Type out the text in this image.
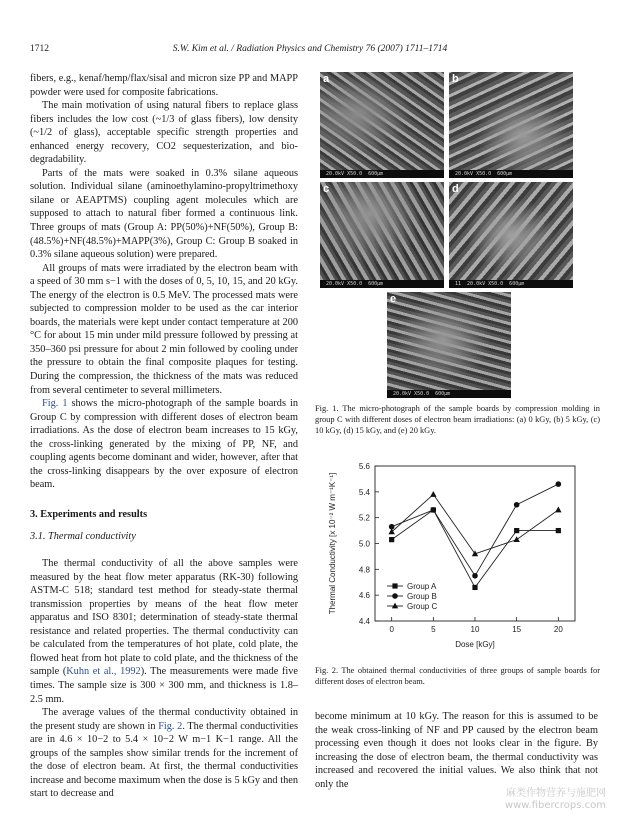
1712	S.W. Kim et al. / Radiation Physics and Chemistry 76 (2007) 1711–1714

fibers, e.g., kenaf/hemp/flax/sisal and micron size PP and MAPP powder were used for composite fabrications.

The main motivation of using natural fibers to replace glass fibers includes the low cost (~1/3 of glass fibers), low density (~1/2 of glass), acceptable specific strength properties and enhanced energy recovery, CO2 sequesterization, and bio-degradability.

Parts of the mats were soaked in 0.3% silane aqueous solution. Individual silane (aminoethylamino-propyltrimethoxy silane or AEAPTMS) coupling agent molecules which are supposed to attach to natural fiber formed a continuous link. Three groups of mats (Group A: PP(50%)+NF(50%), Group B: (48.5%)+NF(48.5%)+MAPP(3%), Group C: Group B soaked in 0.3% silane aqueous solution) were prepared.

All groups of mats were irradiated by the electron beam with a speed of 30 mm s−1 with the doses of 0, 5, 10, 15, and 20 kGy. The energy of the electron is 0.5 MeV. The processed mats were subjected to compression molder to be used as the car interior boards, the materials were kept under contact temperature at 200 °C for about 15 min under mild pressure followed by pressing at 350–360 psi pressure for about 2 min followed by cooling under the pressure to obtain the final composite plaques for testing. During the compression, the thickness of the mats was reduced from several centimeter to several millimeters.

Fig. 1 shows the micro-photograph of the sample boards in Group C by compression with different doses of electron beam irradiations. As the dose of electron beam increases to 15 kGy, the cross-linking generated by the mixing of PP, NF, and coupling agents become dominant and wider, however, after that the cross-linking disappears by the over exposure of electron beam.

3. Experiments and results
3.1. Thermal conductivity

The thermal conductivity of all the above samples were measured by the heat flow meter apparatus (RK-30) following ASTM-C 518; standard test method for steady-state thermal transmission properties by means of the heat flow meter apparatus and ISO 8301; determination of steady-state thermal resistance and related properties. The thermal conductivity can be calculated from the temperatures of hot plate, cold plate, the flowed heat from hot plate to cold plate, and the thickness of the sample (Kuhn et al., 1992). The measurements were made five times. The sample size is 300 × 300 mm, and thickness is 1.8–2.5 mm.

The average values of the thermal conductivity obtained in the present study are shown in Fig. 2. The thermal conductivities are in 4.6 × 10−2 to 5.4 × 10−2 W m−1 K−1 range. All the groups of the samples show similar trends for the increment of the dose of electron beam. At first, the thermal conductivities increase and become maximum when the dose is 5 kGy and then start to decrease and

a
20.0kV X50.0  600μm
b
20.0kV X50.0  600μm
c
20.0kV X50.0  600μm
d
11  20.0kV X50.0  600μm
e
20.0kV X50.0  600μm
Fig. 1. The micro-photograph of the sample boards by compression molding in group C with different doses of electron beam irradiations: (a) 0 kGy, (b) 5 kGy, (c) 10 kGy, (d) 15 kGy, and (e) 20 kGy.
0	5	10	15	20
4.4
4.6
4.8
5.0
5.2
5.4
5.6
Group A
Group B
Group C
Dose [kGy]
Thermal Conductivity [x 10⁻² W m⁻¹K⁻¹]
Fig. 2. The obtained thermal conductivities of three groups of sample boards for different doses of electron beam.

become minimum at 10 kGy. The reason for this is assumed to be the weak cross-linking of NF and PP caused by the electron beam processing even though it does not looks clear in the figure. By increasing the dose of electron beam, the thermal conductivity was increased and recovered the initial values. We also think that not only the

麻类作物营养与施肥网
www.fibercrops.com
